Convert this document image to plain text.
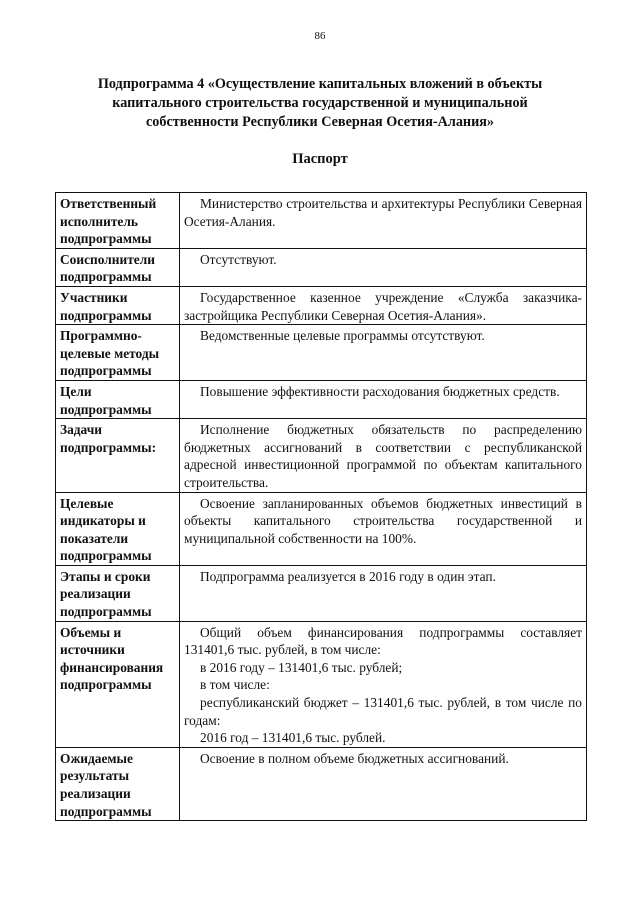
86
Подпрограмма 4 «Осуществление капитальных вложений в объекты
капитального строительства государственной и муниципальной
собственности Республики Северная Осетия-Алания»
Паспорт
Ответственный исполнитель подпрограммы	Министерство строительства и архитектуры Республики Северная Осетия-Алания.
Соисполнители подпрограммы	Отсутствуют.
Участники подпрограммы	Государственное казенное учреждение «Служба заказчика-застройщика Республики Северная Осетия-Алания».
Программно-целевые методы подпрограммы	Ведомственные целевые программы отсутствуют.
Цели подпрограммы	Повышение эффективности расходования бюджетных средств.
Задачи подпрограммы:	Исполнение бюджетных обязательств по распределению бюджетных ассигнований в соответствии с республиканской адресной инвестиционной программой по объектам капитального строительства.
Целевые индикаторы и показатели подпрограммы	Освоение запланированных объемов бюджетных инвестиций в объекты капитального строительства государственной и муниципальной собственности на 100%.
Этапы и сроки реализации подпрограммы	Подпрограмма реализуется в 2016 году в один этап.
Объемы и источники финансирования подпрограммы	Общий объем финансирования подпрограммы составляет 131401,6 тыс. рублей, в том числе:
в 2016 году – 131401,6 тыс. рублей;
в том числе:
республиканский бюджет – 131401,6 тыс. рублей, в том числе по годам:
2016 год – 131401,6 тыс. рублей.

Ожидаемые результаты реализации подпрограммы	Освоение в полном объеме бюджетных ассигнований.
